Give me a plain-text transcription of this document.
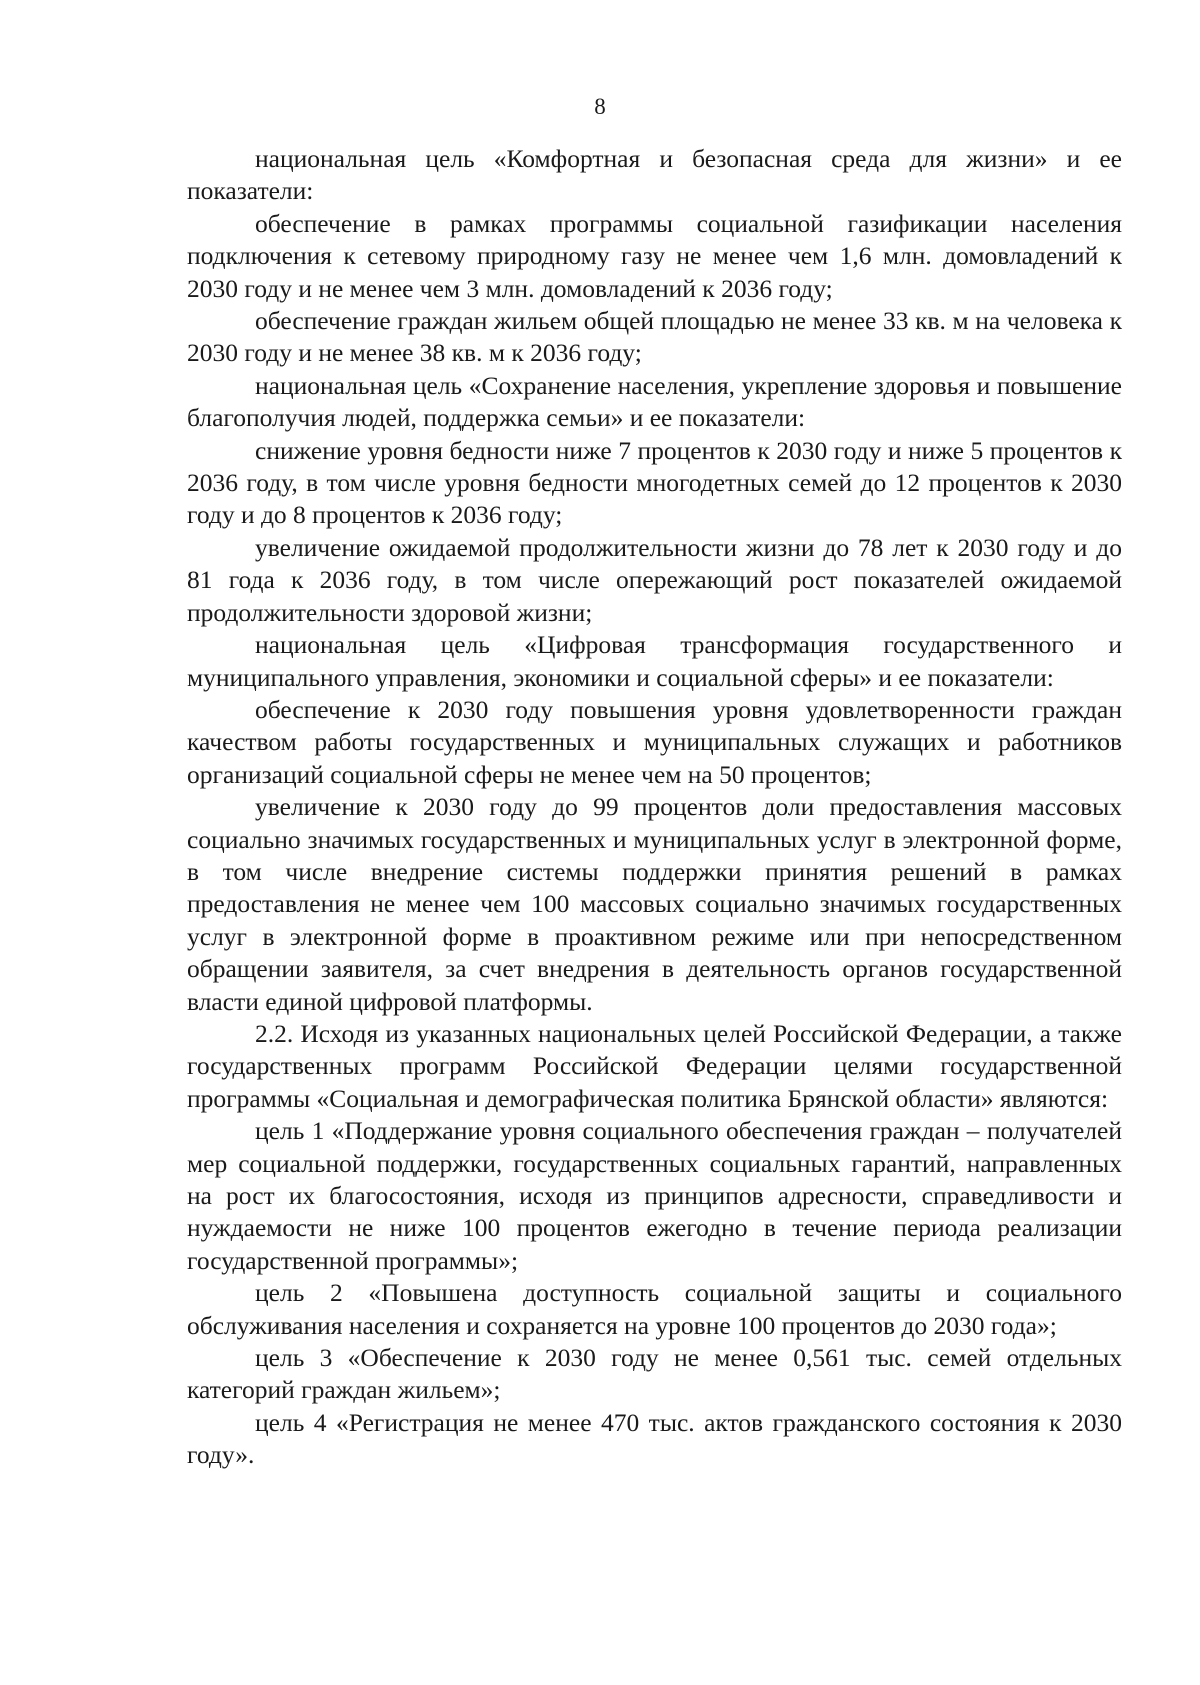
8

национальная цель «Комфортная и безопасная среда для жизни» и ее показатели:

обеспечение в рамках программы социальной газификации населения подключения к сетевому природному газу не менее чем 1,6 млн. домовладений к 2030 году и не менее чем 3 млн. домовладений к 2036 году;

обеспечение граждан жильем общей площадью не менее 33 кв. м на человека к 2030 году и не менее 38 кв. м к 2036 году;

национальная цель «Сохранение населения, укрепление здоровья и повышение благополучия людей, поддержка семьи» и ее показатели:

снижение уровня бедности ниже 7 процентов к 2030 году и ниже 5 процентов к 2036 году, в том числе уровня бедности многодетных семей до 12 процентов к 2030 году и до 8 процентов к 2036 году;

увеличение ожидаемой продолжительности жизни до 78 лет к 2030 году и до 81 года к 2036 году, в том числе опережающий рост показателей ожидаемой продолжительности здоровой жизни;

национальная цель «Цифровая трансформация государственного и муниципального управления, экономики и социальной сферы» и ее показатели:

обеспечение к 2030 году повышения уровня удовлетворенности граждан качеством работы государственных и муниципальных служащих и работников организаций социальной сферы не менее чем на 50 процентов;

увеличение к 2030 году до 99 процентов доли предоставления массовых социально значимых государственных и муниципальных услуг в электронной форме, в том числе внедрение системы поддержки принятия решений в рамках предоставления не менее чем 100 массовых социально значимых государственных услуг в электронной форме в проактивном режиме или при непосредственном обращении заявителя, за счет внедрения в деятельность органов государственной власти единой цифровой платформы.

2.2. Исходя из указанных национальных целей Российской Федерации, а также государственных программ Российской Федерации целями государственной программы «Социальная и демографическая политика Брянской области» являются:

цель 1 «Поддержание уровня социального обеспечения граждан – получателей мер социальной поддержки, государственных социальных гарантий, направленных на рост их благосостояния, исходя из принципов адресности, справедливости и нуждаемости не ниже 100 процентов ежегодно в течение периода реализации государственной программы»;

цель 2 «Повышена доступность социальной защиты и социального обслуживания населения и сохраняется на уровне 100 процентов до 2030 года»;

цель 3 «Обеспечение к 2030 году не менее 0,561 тыс. семей отдельных категорий граждан жильем»;

цель 4 «Регистрация не менее 470 тыс. актов гражданского состояния к 2030 году».
